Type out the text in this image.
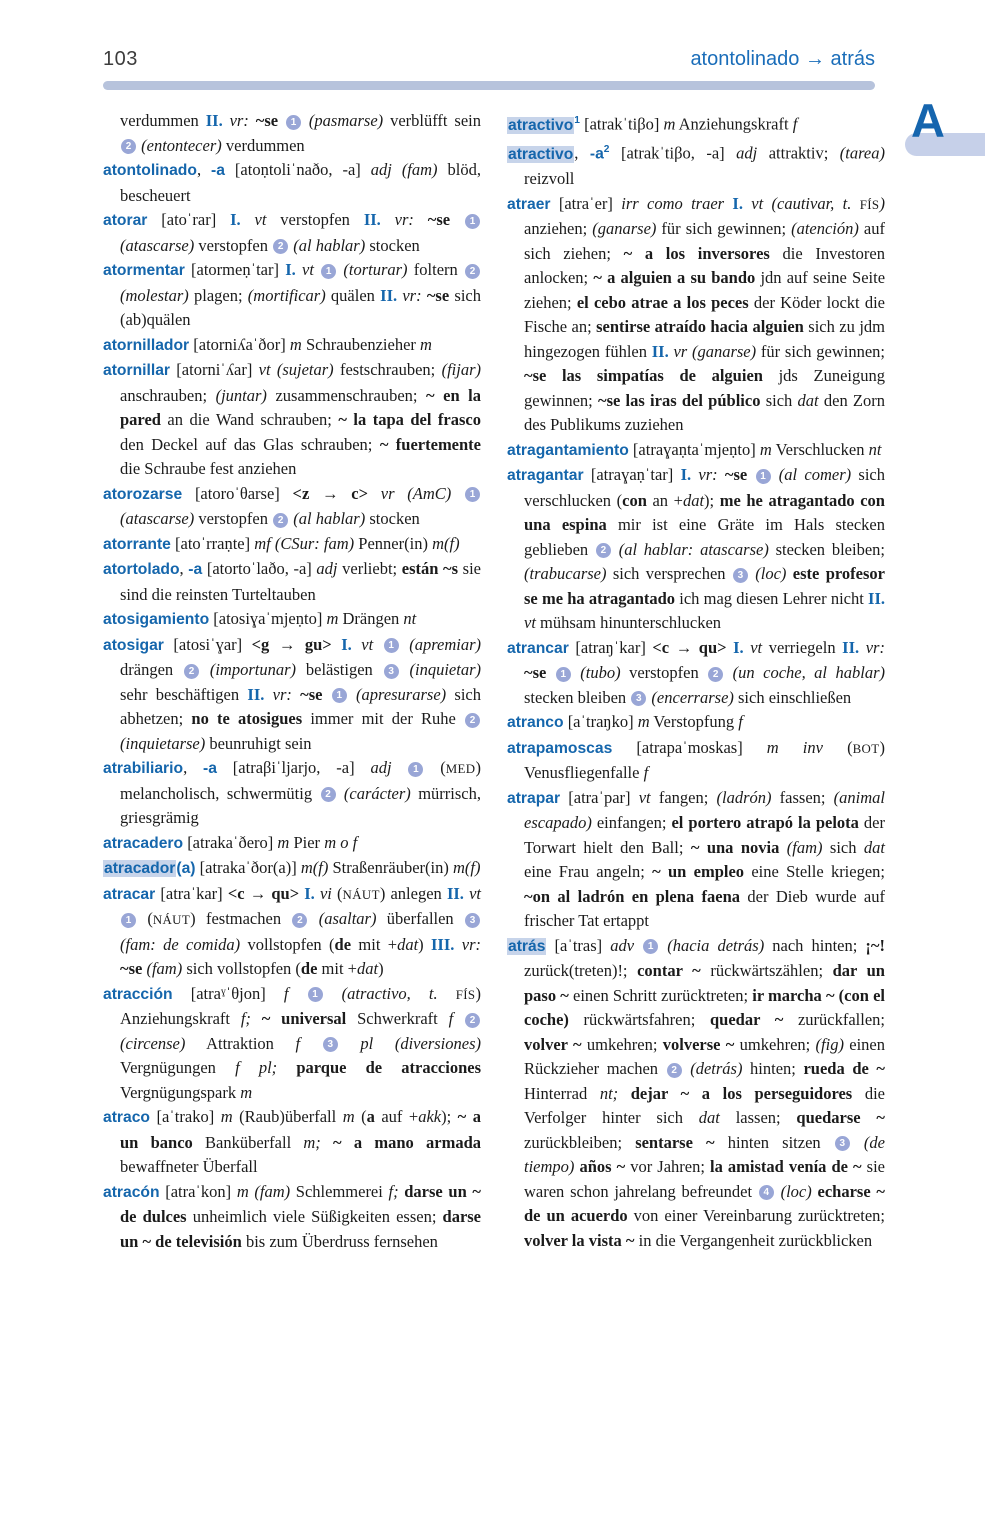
103	atontolinado → atrás
A

verdummen II. vr: ~se 1 (pasmarse) verblüfft sein 2 (entontecer) verdummen

atontolinado, -a [atoṇtoliˈnaðo, -a] adj (fam) blöd, bescheuert

atorar [atoˈrar] I. vt verstopfen II. vr: ~se 1 (atascarse) verstopfen 2 (al hablar) stocken

atormentar [atormeṇˈtar] I. vt 1 (torturar) foltern 2 (molestar) plagen; (mortificar) quälen II. vr: ~se sich (ab)quälen

atornillador [atorniʎaˈðor] m Schraubenzieher m

atornillar [atorniˈʎar] vt (sujetar) festschrauben; (fijar) anschrauben; (juntar) zusammenschrauben; ~ en la pared an die Wand schrauben; ~ la tapa del frasco den Deckel auf das Glas schrauben; ~ fuertemente die Schraube fest anziehen

atorozarse [atoroˈθarse] <z → c> vr (AmC) 1 (atascarse) verstopfen 2 (al hablar) stocken

atorrante [atoˈrraṇte] mf (CSur: fam) Penner(in) m(f)

atortolado, -a [atortoˈlaðo, -a] adj verliebt; están ~s sie sind die reinsten Turteltauben

atosigamiento [atosiɣaˈmjeṇto] m Drängen nt

atosigar [atosiˈɣar] <g → gu> I. vt 1 (apremiar) drängen 2 (importunar) belästigen 3 (inquietar) sehr beschäftigen II. vr: ~se 1 (apresurarse) sich abhetzen; no te atosigues immer mit der Ruhe 2 (inquietarse) beunruhigt sein

atrabiliario, -a [atraβiˈljarjo, -a] adj 1 (MED) melancholisch, schwermütig 2 (carácter) mürrisch, griesgrämig

atracadero [atrakaˈðero] m Pier m o f

atracador(a) [atrakaˈðor(a)] m(f) Straßenräuber(in) m(f)

atracar [atraˈkar] <c → qu> I. vi (NÁUT) anlegen II. vt 1 (NÁUT) festmachen 2 (asaltar) überfallen 3 (fam: de comida) vollstopfen (de mit +dat) III. vr: ~se (fam) sich vollstopfen (de mit +dat)

atracción [atraˠˈθjon] f 1 (atractivo, t. FÍS) Anziehungskraft f; ~ universal Schwerkraft f 2 (circense) Attraktion f 3 pl (diversiones) Vergnügungen f pl; parque de atracciones Vergnügungspark m

atraco [aˈtrako] m (Raub)überfall m (a auf +akk); ~ a un banco Banküberfall m; ~ a mano armada bewaffneter Überfall

atracón [atraˈkon] m (fam) Schlemmerei f; darse un ~ de dulces unheimlich viele Süßigkeiten essen; darse un ~ de televisión bis zum Überdruss fernsehen

atractivo$^1$ [atrakˈtiβo] m Anziehungskraft f

atractivo, $-a^2$ [atrakˈtiβo, -a] adj attraktiv; (tarea) reizvoll

atraer [atraˈer] irr como traer I. vt (cautivar, t. FÍS) anziehen; (ganarse) für sich gewinnen; (atención) auf sich ziehen; ~ a los inversores die Investoren anlocken; ~ a alguien a su bando jdn auf seine Seite ziehen; el cebo atrae a los peces der Köder lockt die Fische an; sentirse atraído hacia alguien sich zu jdm hingezogen fühlen II. vr (ganarse) für sich gewinnen; ~se las simpatías de alguien jds Zuneigung gewinnen; ~se las iras del público sich dat den Zorn des Publikums zuziehen

atragantamiento [atraɣaṇtaˈmjeṇto] m Verschlucken nt

atragantar [atraɣaṇˈtar] I. vr: ~se 1 (al comer) sich verschlucken (con an +dat); me he atragantado con una espina mir ist eine Gräte im Hals stecken geblieben 2 (al hablar: atascarse) stecken bleiben; (trabucarse) sich versprechen 3 (loc) este profesor se me ha atragantado ich mag diesen Lehrer nicht II. vt mühsam hinunterschlucken

atrancar [atraŋˈkar] <c → qu> I. vt verriegeln II. vr: ~se 1 (tubo) verstopfen 2 (un coche, al hablar) stecken bleiben 3 (encerrarse) sich einschließen

atranco [aˈtraŋko] m Verstopfung f

atrapamoscas [atrapaˈmoskas] m inv (BOT) Venusfliegenfalle f

atrapar [atraˈpar] vt fangen; (ladrón) fassen; (animal escapado) einfangen; el portero atrapó la pelota der Torwart hielt den Ball; ~ una novia (fam) sich dat eine Frau angeln; ~ un empleo eine Stelle kriegen; ~on al ladrón en plena faena der Dieb wurde auf frischer Tat ertappt

atrás [aˈtras] adv 1 (hacia detrás) nach hinten; ¡~! zurück(treten)!; contar ~ rückwärtszählen; dar un paso ~ einen Schritt zurücktreten; ir marcha ~ (con el coche) rückwärtsfahren; quedar ~ zurückfallen; volver ~ umkehren; volverse ~ umkehren; (fig) einen Rückzieher machen 2 (detrás) hinten; rueda de ~ Hinterrad nt; dejar ~ a los perseguidores die Verfolger hinter sich dat lassen; quedarse ~ zurückbleiben; sentarse ~ hinten sitzen 3 (de tiempo) años ~ vor Jahren; la amistad venía de ~ sie waren schon jahrelang befreundet 4 (loc) echarse ~ de un acuerdo von einer Vereinbarung zurücktreten; volver la vista ~ in die Vergangenheit zurückblicken
